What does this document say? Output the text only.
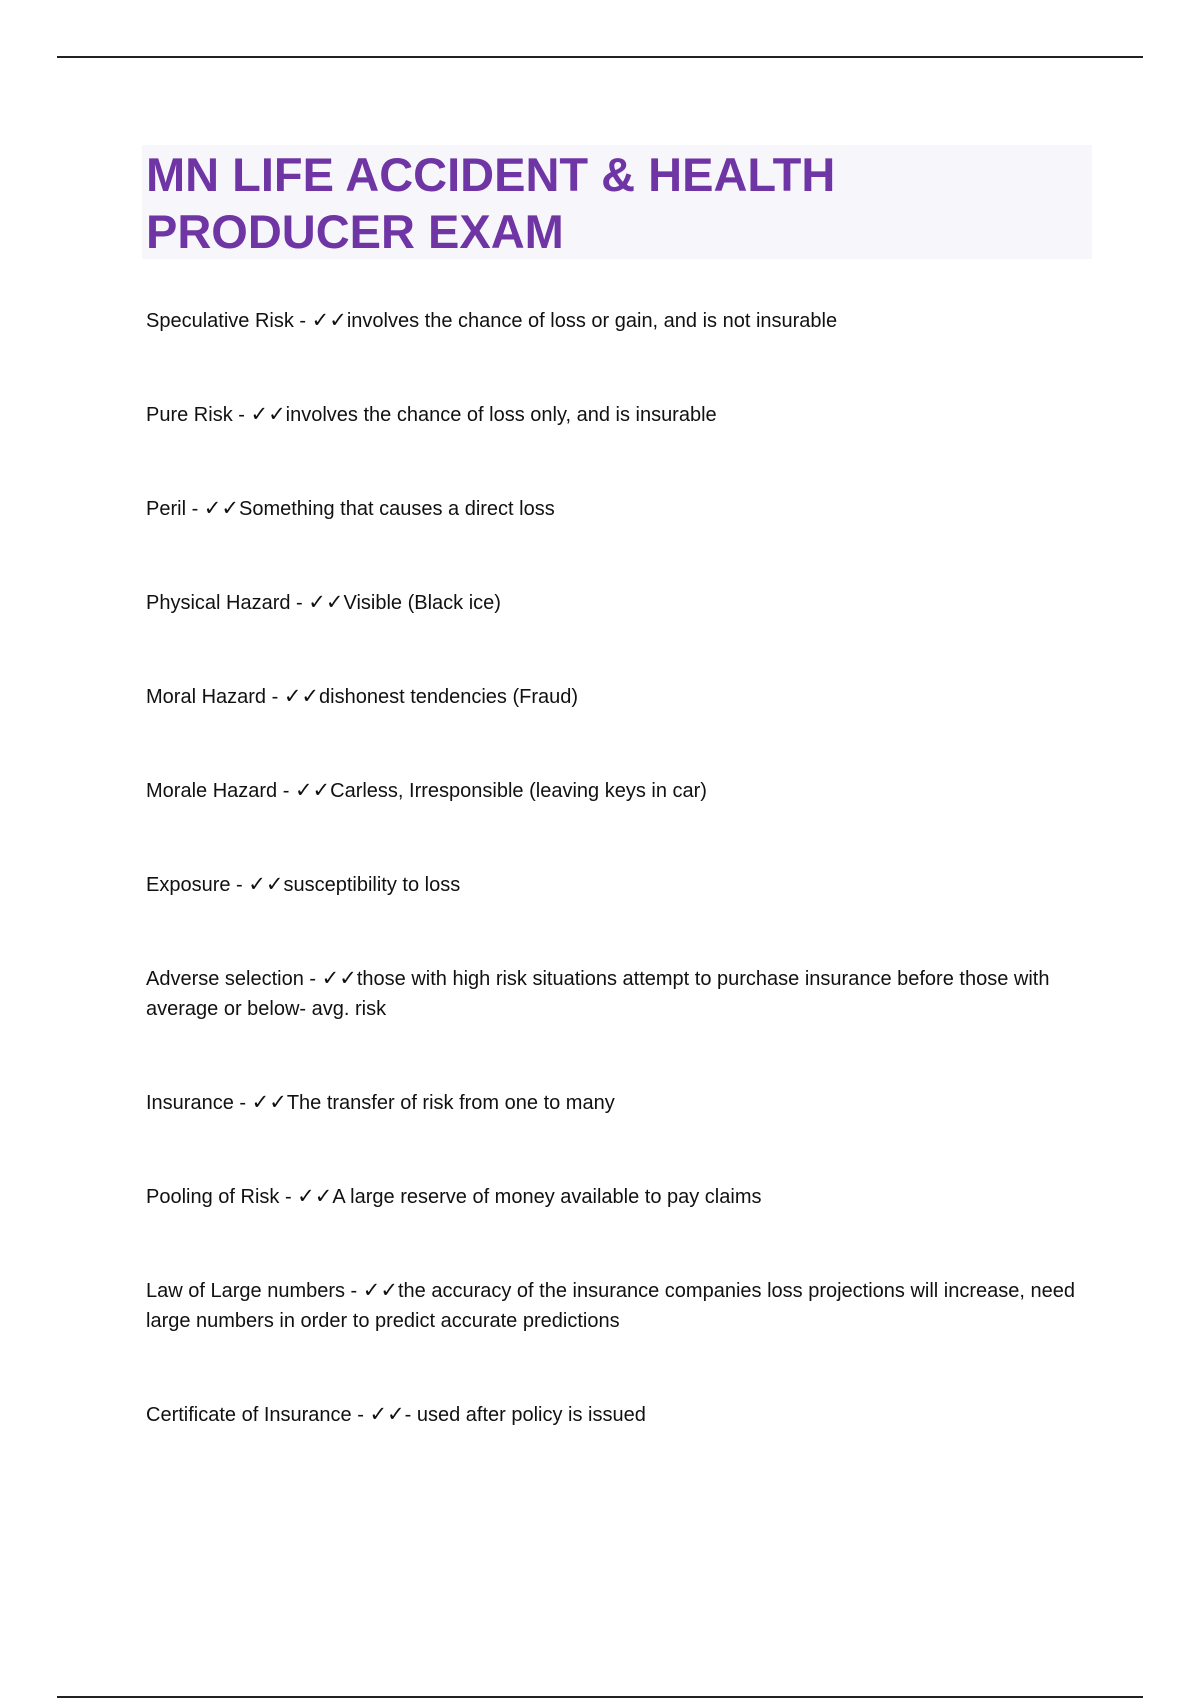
MN LIFE ACCIDENT & HEALTH PRODUCER EXAM

Speculative Risk - ✓✓involves the chance of loss or gain, and is not insurable

Pure Risk - ✓✓involves the chance of loss only, and is insurable

Peril - ✓✓Something that causes a direct loss

Physical Hazard - ✓✓Visible (Black ice)

Moral Hazard - ✓✓dishonest tendencies (Fraud)

Morale Hazard - ✓✓Carless, Irresponsible (leaving keys in car)

Exposure - ✓✓susceptibility to loss

Adverse selection - ✓✓those with high risk situations attempt to purchase insurance before those with average or below- avg. risk

Insurance - ✓✓The transfer of risk from one to many

Pooling of Risk - ✓✓A large reserve of money available to pay claims

Law of Large numbers - ✓✓the accuracy of the insurance companies loss projections will increase, need large numbers in order to predict accurate predictions

Certificate of Insurance - ✓✓- used after policy is issued
